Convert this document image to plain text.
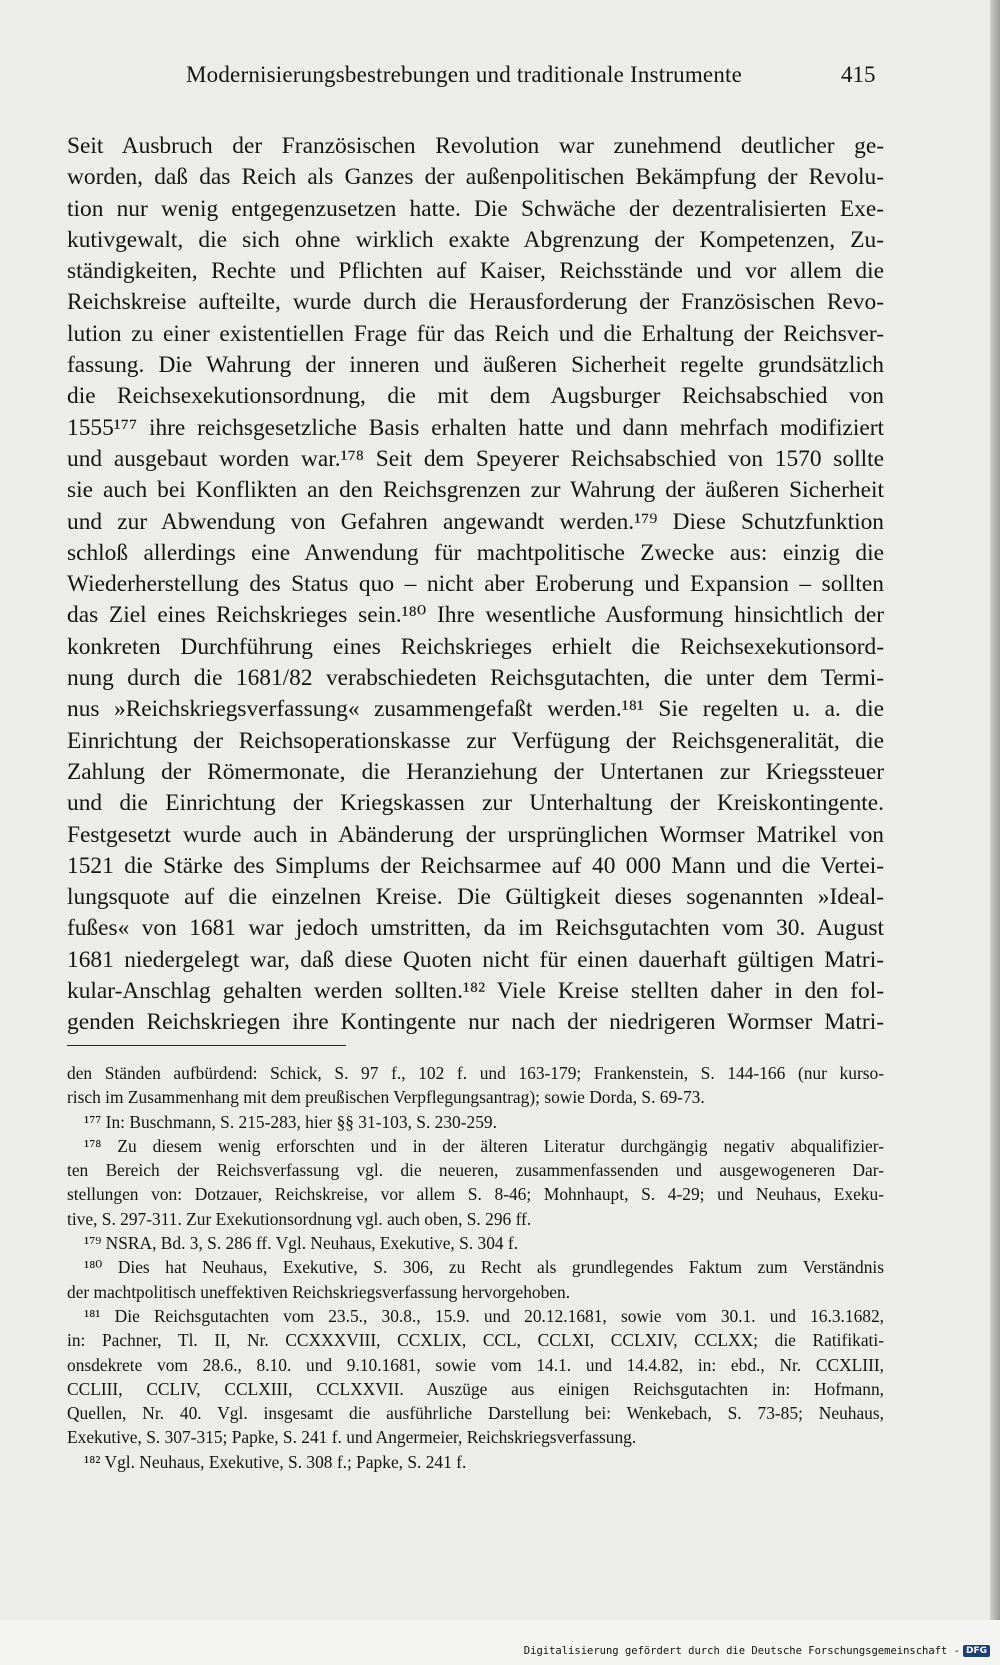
Modernisierungsbestrebungen und traditionale Instrumente	415
Seit Ausbruch der Französischen Revolution war zunehmend deutlicher ge-
worden, daß das Reich als Ganzes der außenpolitischen Bekämpfung der Revolu-
tion nur wenig entgegenzusetzen hatte. Die Schwäche der dezentralisierten Exe-
kutivgewalt, die sich ohne wirklich exakte Abgrenzung der Kompetenzen, Zu-
ständigkeiten, Rechte und Pflichten auf Kaiser, Reichsstände und vor allem die
Reichskreise aufteilte, wurde durch die Herausforderung der Französischen Revo-
lution zu einer existentiellen Frage für das Reich und die Erhaltung der Reichsver-
fassung. Die Wahrung der inneren und äußeren Sicherheit regelte grundsätzlich
die Reichsexekutionsordnung, die mit dem Augsburger Reichsabschied von
1555¹⁷⁷ ihre reichsgesetzliche Basis erhalten hatte und dann mehrfach modifiziert
und ausgebaut worden war.¹⁷⁸ Seit dem Speyerer Reichsabschied von 1570 sollte
sie auch bei Konflikten an den Reichsgrenzen zur Wahrung der äußeren Sicherheit
und zur Abwendung von Gefahren angewandt werden.¹⁷⁹ Diese Schutzfunktion
schloß allerdings eine Anwendung für machtpolitische Zwecke aus: einzig die
Wiederherstellung des Status quo – nicht aber Eroberung und Expansion – sollten
das Ziel eines Reichskrieges sein.¹⁸⁰ Ihre wesentliche Ausformung hinsichtlich der
konkreten Durchführung eines Reichskrieges erhielt die Reichsexekutionsord-
nung durch die 1681/82 verabschiedeten Reichsgutachten, die unter dem Termi-
nus »Reichskriegsverfassung« zusammengefaßt werden.¹⁸¹ Sie regelten u. a. die
Einrichtung der Reichsoperationskasse zur Verfügung der Reichsgeneralität, die
Zahlung der Römermonate, die Heranziehung der Untertanen zur Kriegssteuer
und die Einrichtung der Kriegskassen zur Unterhaltung der Kreiskontingente.
Festgesetzt wurde auch in Abänderung der ursprünglichen Wormser Matrikel von
1521 die Stärke des Simplums der Reichsarmee auf 40 000 Mann und die Vertei-
lungsquote auf die einzelnen Kreise. Die Gültigkeit dieses sogenannten »Ideal-
fußes« von 1681 war jedoch umstritten, da im Reichsgutachten vom 30. August
1681 niedergelegt war, daß diese Quoten nicht für einen dauerhaft gültigen Matri-
kular-Anschlag gehalten werden sollten.¹⁸² Viele Kreise stellten daher in den fol-
genden Reichskriegen ihre Kontingente nur nach der niedrigeren Wormser Matri-
den Ständen aufbürdend: Schick, S. 97 f., 102 f. und 163-179; Frankenstein, S. 144-166 (nur kurso-
risch im Zusammenhang mit dem preußischen Verpflegungsantrag); sowie Dorda, S. 69-73.
¹⁷⁷ In: Buschmann, S. 215-283, hier §§ 31-103, S. 230-259.
¹⁷⁸ Zu diesem wenig erforschten und in der älteren Literatur durchgängig negativ abqualifizier-
ten Bereich der Reichsverfassung vgl. die neueren, zusammenfassenden und ausgewogeneren Dar-
stellungen von: Dotzauer, Reichskreise, vor allem S. 8-46; Mohnhaupt, S. 4-29; und Neuhaus, Exeku-
tive, S. 297-311. Zur Exekutionsordnung vgl. auch oben, S. 296 ff.
¹⁷⁹ NSRA, Bd. 3, S. 286 ff. Vgl. Neuhaus, Exekutive, S. 304 f.
¹⁸⁰ Dies hat Neuhaus, Exekutive, S. 306, zu Recht als grundlegendes Faktum zum Verständnis
der machtpolitisch uneffektiven Reichskriegsverfassung hervorgehoben.
¹⁸¹ Die Reichsgutachten vom 23.5., 30.8., 15.9. und 20.12.1681, sowie vom 30.1. und 16.3.1682,
in: Pachner, Tl. II, Nr. CCXXXVIII, CCXLIX, CCL, CCLXI, CCLXIV, CCLXX; die Ratifikati-
onsdekrete vom 28.6., 8.10. und 9.10.1681, sowie vom 14.1. und 14.4.82, in: ebd., Nr. CCXLIII,
CCLIII, CCLIV, CCLXIII, CCLXXVII. Auszüge aus einigen Reichsgutachten in: Hofmann,
Quellen, Nr. 40. Vgl. insgesamt die ausführliche Darstellung bei: Wenkebach, S. 73-85; Neuhaus,
Exekutive, S. 307-315; Papke, S. 241 f. und Angermeier, Reichskriegsverfassung.
¹⁸² Vgl. Neuhaus, Exekutive, S. 308 f.; Papke, S. 241 f.
Digitalisierung gefördert durch die Deutsche Forschungsgemeinschaft - DFG
